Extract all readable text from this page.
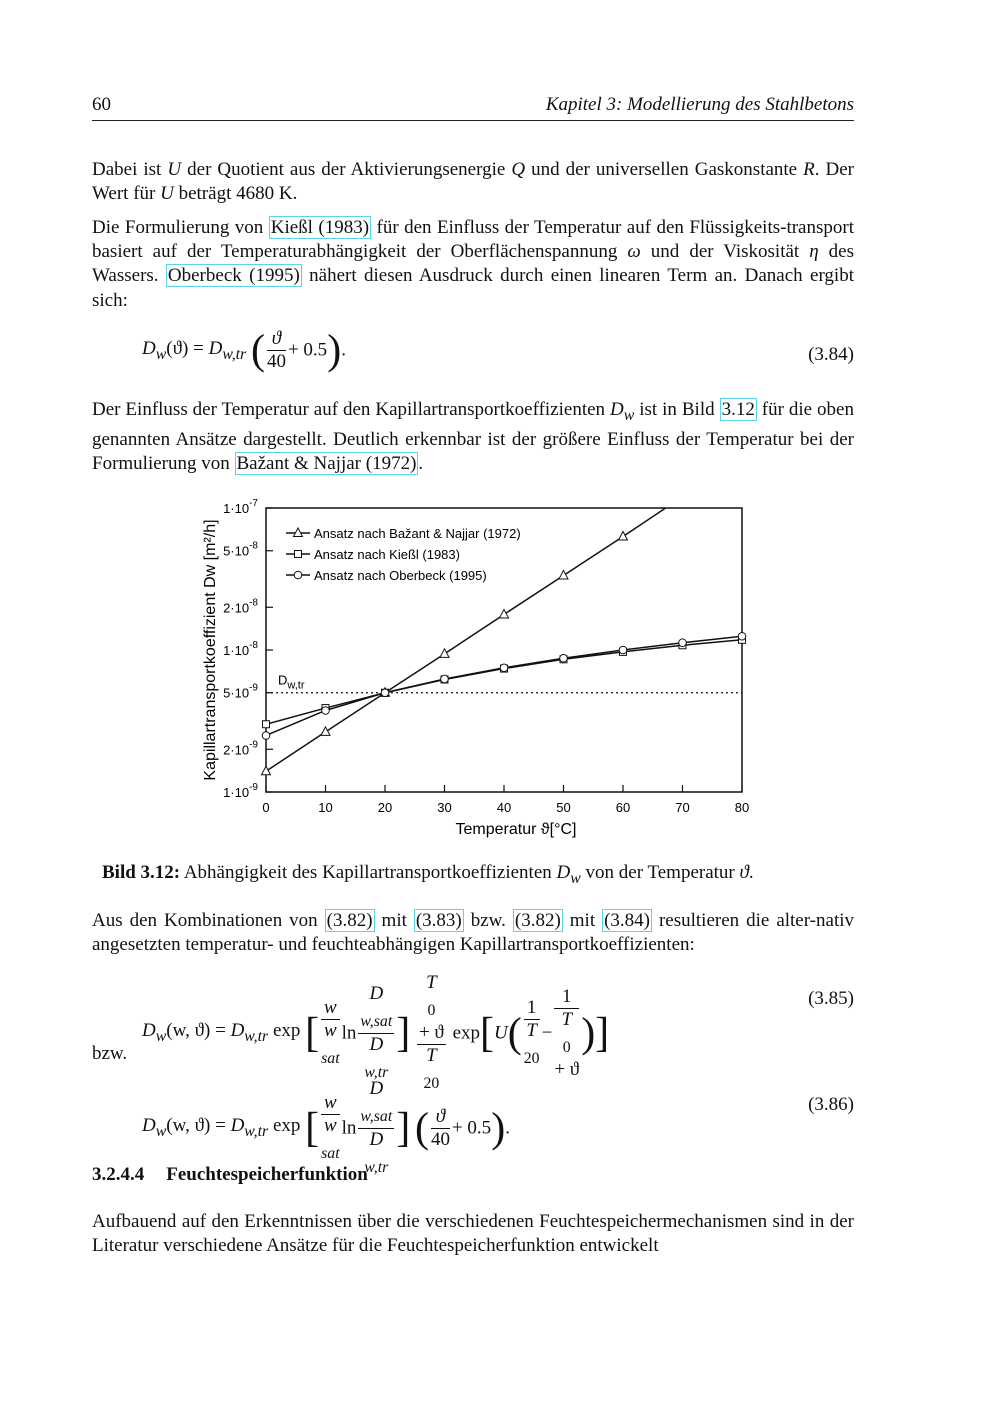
60	Kapitel 3: Modellierung des Stahlbetons

Dabei ist U der Quotient aus der Aktivierungsenergie Q und der universellen Gaskonstante R. Der Wert für U beträgt 4680 K.

Die Formulierung von Kießl (1983) für den Einfluss der Temperatur auf den Flüssigkeits-transport basiert auf der Temperaturabhängigkeit der Oberflächenspannung ω und der Viskosität η des Wassers. Oberbeck (1995) nähert diesen Ausdruck durch einen linearen Term an. Danach ergibt sich:

$D_w(ϑ) = D_{w,tr}$ ( $\frac{ϑ}{40} + 0.5$).	(3.84)

Der Einfluss der Temperatur auf den Kapillartransportkoeffizienten $D_w$ ist in Bild 3.12 für die oben genannten Ansätze dargestellt. Deutlich erkennbar ist der größere Einfluss der Temperatur bei der Formulierung von Bažant & Najjar (1972) .

0	10	20	30	40	50	60	70	80
$1\cdot 10^{-9}$
$2\cdot 10^{-9}$
$5\cdot 10^{-9}$
$1\cdot 10^{-8}$
$2\cdot 10^{-8}$
$5\cdot 10^{-8}$
$1\cdot 10^{-7}$
$D_{w,tr}$
Ansatz nach Bažant & Najjar (1972)
Ansatz nach Kießl (1983)
Ansatz nach Oberbeck (1995)
Kapillartransportkoeffizient Dw [m²/h]
Temperatur ϑ[°C]
Bild 3.12: Abhängigkeit des Kapillartransportkoeffizienten $D_w$ von der Temperatur ϑ.

Aus den Kombinationen von (3.82) mit (3.83) bzw. (3.82) mit (3.84) resultieren die alter-nativ angesetzten temperatur- und feuchteabhängigen Kapillartransportkoeffizienten:

$D_w(w$, $ϑ) = D_{w,tr}$ exp [ w
w
$_{sat}$ ln D
$_{w,sat}$
D
$_{w,tr}$ ] T
$_0$
+ ϑ
T
$_{20}$ exp[U( 1
T
$_{20}$ − 1
T
$_0$
+ ϑ )]
(3.85)
bzw.
$D_w(w$, $ϑ) = D_{w,tr}$ exp [ w
w
$_{sat}$ ln D
$_{w,sat}$
D
$_{w,tr}$ ] ( $\frac{ϑ}{40} + 0.5$).
(3.86)
3.2.4.4 Feuchtespeicherfunktion

Aufbauend auf den Erkenntnissen über die verschiedenen Feuchtespeichermechanismen sind in der Literatur verschiedene Ansätze für die Feuchtespeicherfunktion entwickelt
